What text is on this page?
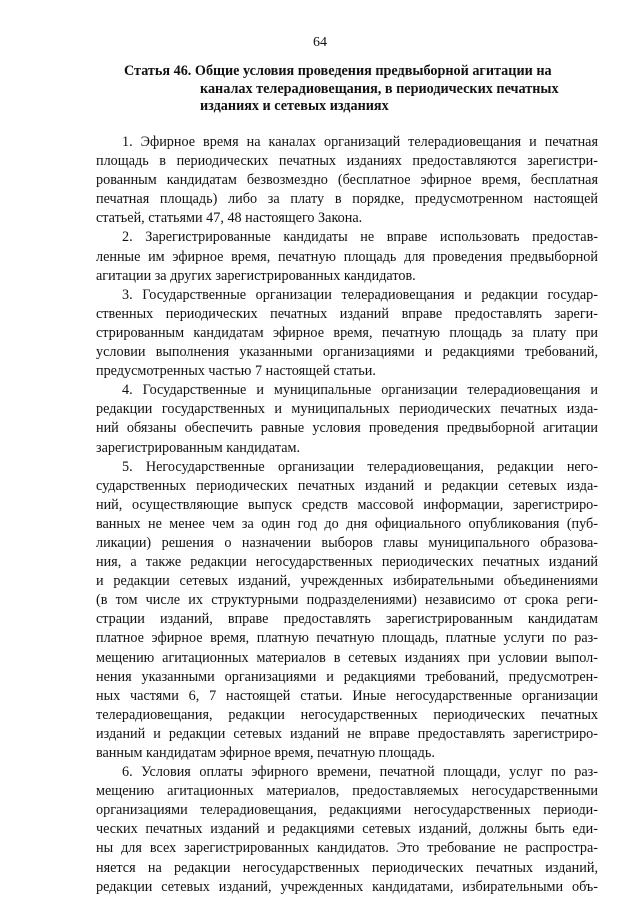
64
Статья 46. Общие условия проведения предвыборной агитации на
каналах телерадиовещания, в периодических печатных
изданиях и сетевых изданиях
1. Эфирное время на каналах организаций телерадиовещания и печатная
площадь в периодических печатных изданиях предоставляются зарегистри-
рованным кандидатам безвозмездно (бесплатное эфирное время, бесплатная
печатная площадь) либо за плату в порядке, предусмотренном настоящей
статьей, статьями 47, 48 настоящего Закона.
2. Зарегистрированные кандидаты не вправе использовать предостав-
ленные им эфирное время, печатную площадь для проведения предвыборной
агитации за других зарегистрированных кандидатов.
3. Государственные организации телерадиовещания и редакции государ-
ственных периодических печатных изданий вправе предоставлять зареги-
стрированным кандидатам эфирное время, печатную площадь за плату при
условии выполнения указанными организациями и редакциями требований,
предусмотренных частью 7 настоящей статьи.
4. Государственные и муниципальные организации телерадиовещания и
редакции государственных и муниципальных периодических печатных изда-
ний обязаны обеспечить равные условия проведения предвыборной агитации
зарегистрированным кандидатам.
5. Негосударственные организации телерадиовещания, редакции него-
сударственных периодических печатных изданий и редакции сетевых изда-
ний, осуществляющие выпуск средств массовой информации, зарегистриро-
ванных не менее чем за один год до дня официального опубликования (пуб-
ликации) решения о назначении выборов главы муниципального образова-
ния, а также редакции негосударственных периодических печатных изданий
и редакции сетевых изданий, учрежденных избирательными объединениями
(в том числе их структурными подразделениями) независимо от срока реги-
страции изданий, вправе предоставлять зарегистрированным кандидатам
платное эфирное время, платную печатную площадь, платные услуги по раз-
мещению агитационных материалов в сетевых изданиях при условии выпол-
нения указанными организациями и редакциями требований, предусмотрен-
ных частями 6, 7 настоящей статьи. Иные негосударственные организации
телерадиовещания, редакции негосударственных периодических печатных
изданий и редакции сетевых изданий не вправе предоставлять зарегистриро-
ванным кандидатам эфирное время, печатную площадь.
6. Условия оплаты эфирного времени, печатной площади, услуг по раз-
мещению агитационных материалов, предоставляемых негосударственными
организациями телерадиовещания, редакциями негосударственных периоди-
ческих печатных изданий и редакциями сетевых изданий, должны быть еди-
ны для всех зарегистрированных кандидатов. Это требование не распростра-
няется на редакции негосударственных периодических печатных изданий,
редакции сетевых изданий, учрежденных кандидатами, избирательными объ-
